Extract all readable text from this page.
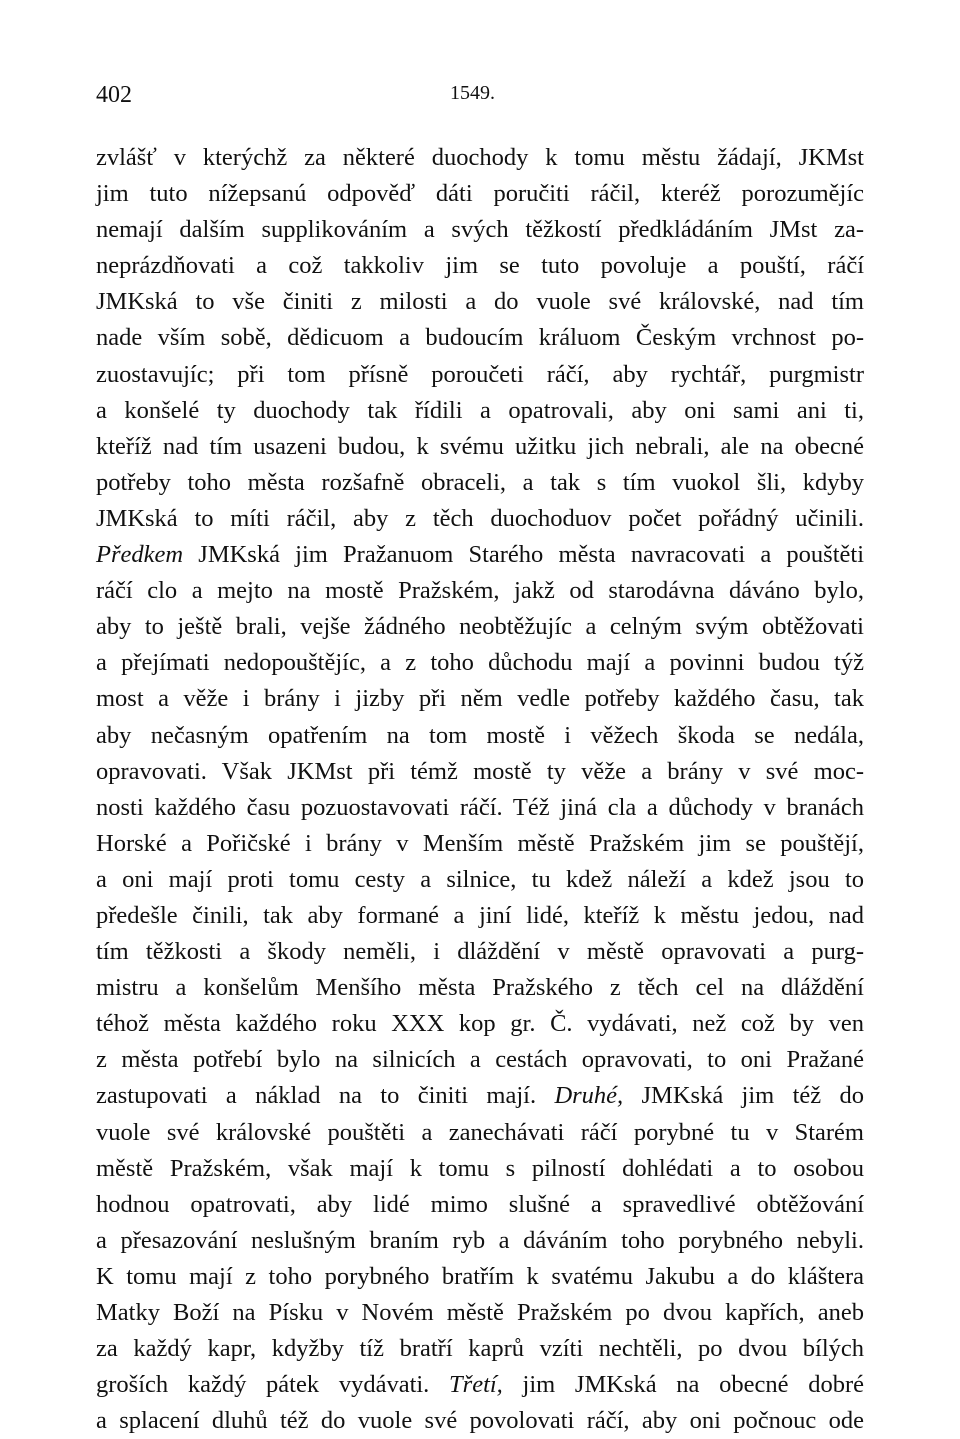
402	1549.
zvlášť v kterýchž za některé duochody k tomu městu žádají, JKMst
jim tuto nížepsanú odpověď dáti poručiti ráčil, kteréž porozumějíc
nemají dalším supplikováním a svých těžkostí předkládáním JMst za-
neprázdňovati a což takkoliv jim se tuto povoluje a pouští, ráčí
JMKská to vše činiti z milosti a do vuole své královské, nad tím
nade vším sobě, dědicuom a budoucím králuom Českým vrchnost po-
zuostavujíc; při tom přísně poroučeti ráčí, aby rychtář, purgmistr
a konšelé ty duochody tak řídili a opatrovali, aby oni sami ani ti,
kteříž nad tím usazeni budou, k svému užitku jich nebrali, ale na obecné
potřeby toho města rozšafně obraceli, a tak s tím vuokol šli, kdyby
JMKská to míti ráčil, aby z těch duochoduov počet pořádný učinili.
Předkem JMKská jim Pražanuom Starého města navracovati a pouštěti
ráčí clo a mejto na mostě Pražském, jakž od starodávna dáváno bylo,
aby to ještě brali, vejše žádného neobtěžujíc a celným svým obtěžovati
a přejímati nedopouštějíc, a z toho důchodu mají a povinni budou týž
most a věže i brány i jizby při něm vedle potřeby každého času, tak
aby nečasným opatřením na tom mostě i věžech škoda se nedála,
opravovati. Však JKMst při témž mostě ty věže a brány v své moc-
nosti každého času pozuostavovati ráčí. Též jiná cla a důchody v branách
Horské a Pořičské i brány v Menším městě Pražském jim se pouštějí,
a oni mají proti tomu cesty a silnice, tu kdež náleží a kdež jsou to
předešle činili, tak aby formané a jiní lidé, kteříž k městu jedou, nad
tím těžkosti a škody neměli, i dláždění v městě opravovati a purg-
mistru a konšelům Menšího města Pražského z těch cel na dláždění
téhož města každého roku XXX kop gr. Č. vydávati, než což by ven
z města potřebí bylo na silnicích a cestách opravovati, to oni Pražané
zastupovati a náklad na to činiti mají. Druhé, JMKská jim též do
vuole své královské pouštěti a zanechávati ráčí porybné tu v Starém
městě Pražském, však mají k tomu s pilností dohlédati a to osobou
hodnou opatrovati, aby lidé mimo slušné a spravedlivé obtěžování
a přesazování neslušným braním ryb a dáváním toho porybného nebyli.
K tomu mají z toho porybného bratřím k svatému Jakubu a do kláštera
Matky Boží na Písku v Novém městě Pražském po dvou kapřích, aneb
za každý kapr, kdyžby tíž bratří kaprů vzíti nechtěli, po dvou bílých
groších každý pátek vydávati. Třetí, jim JMKská na obecné dobré
a splacení dluhů též do vuole své povolovati ráčí, aby oni počnouc ode
